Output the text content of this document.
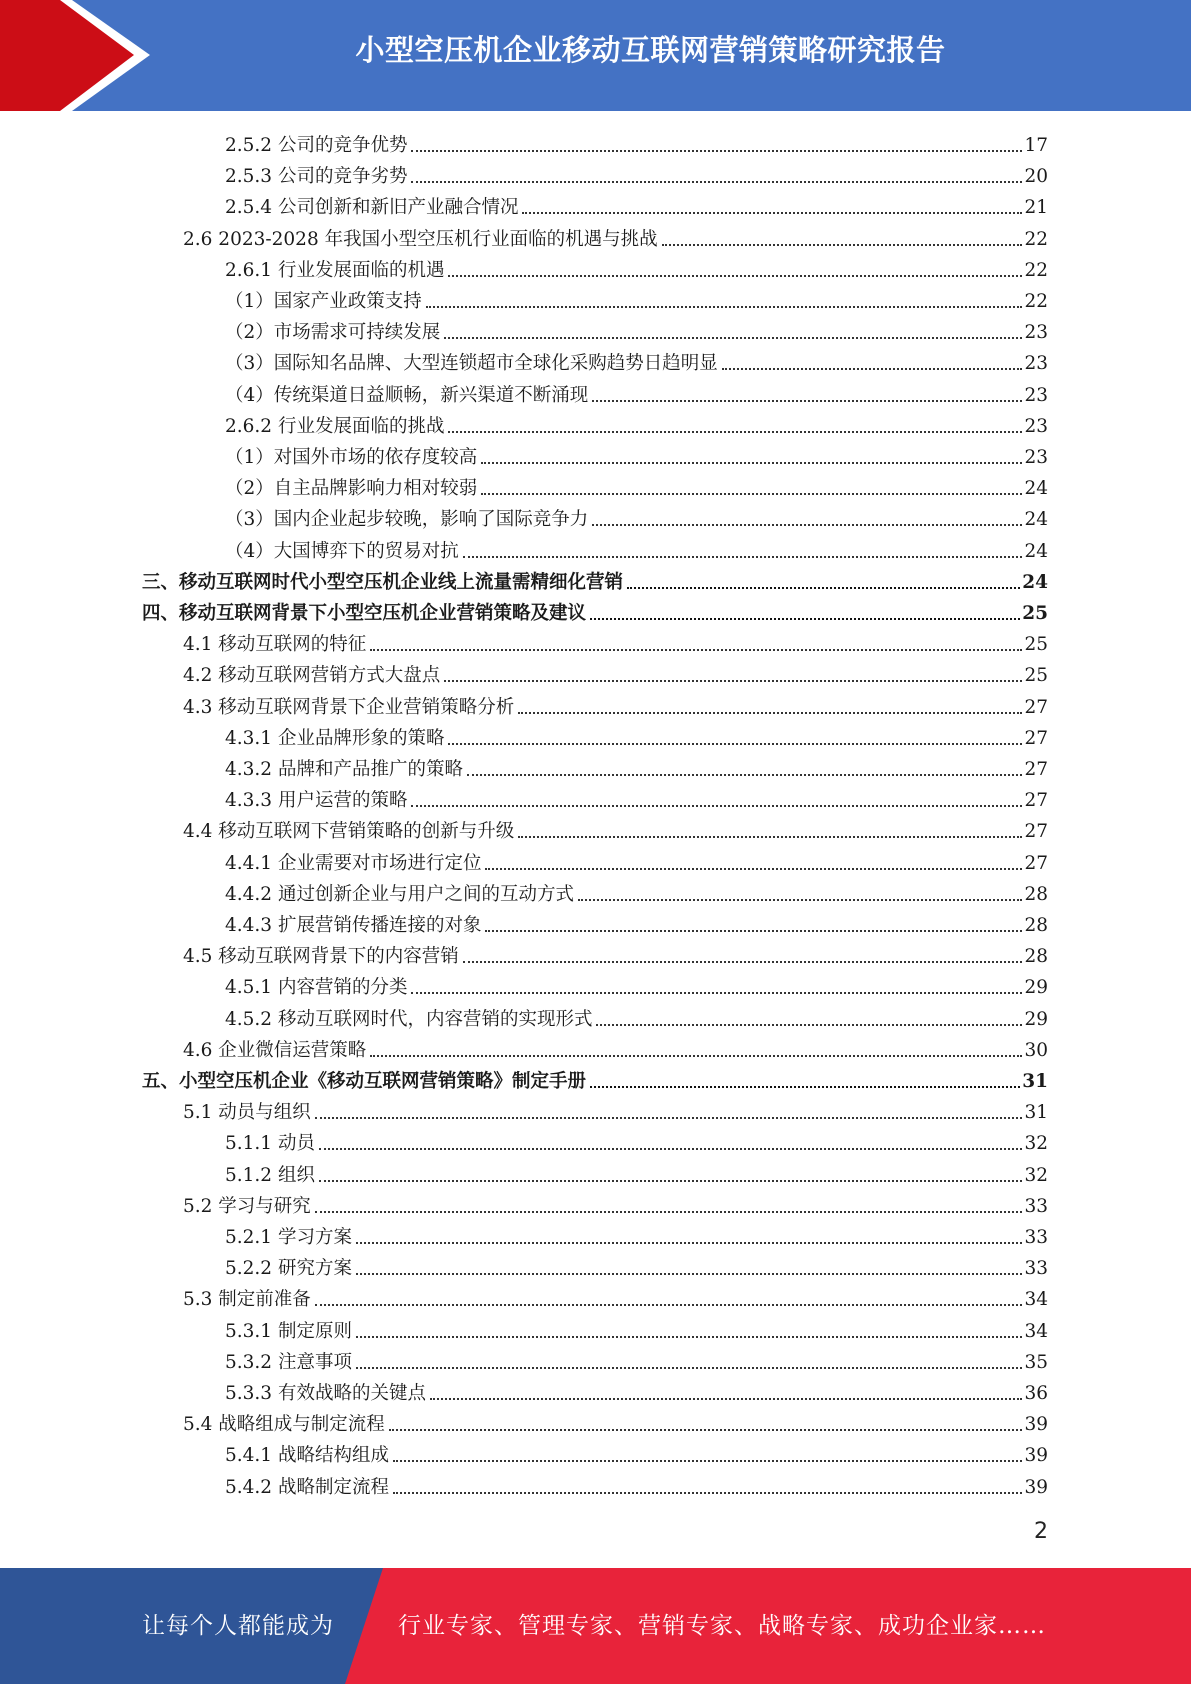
小型空压机企业移动互联网营销策略研究报告
2.5.2 公司的竞争优势	17
2.5.3 公司的竞争劣势	20
2.5.4 公司创新和新旧产业融合情况	21
2.6 2023-2028 年我国小型空压机行业面临的机遇与挑战	22
2.6.1 行业发展面临的机遇	22
（1）国家产业政策支持	22
（2）市场需求可持续发展	23
（3）国际知名品牌、大型连锁超市全球化采购趋势日趋明显	23
（4）传统渠道日益顺畅，新兴渠道不断涌现	23
2.6.2 行业发展面临的挑战	23
（1）对国外市场的依存度较高	23
（2）自主品牌影响力相对较弱	24
（3）国内企业起步较晚，影响了国际竞争力	24
（4）大国博弈下的贸易对抗	24
三、移动互联网时代小型空压机企业线上流量需精细化营销	24
四、移动互联网背景下小型空压机企业营销策略及建议	25
4.1 移动互联网的特征	25
4.2 移动互联网营销方式大盘点	25
4.3 移动互联网背景下企业营销策略分析	27
4.3.1 企业品牌形象的策略	27
4.3.2 品牌和产品推广的策略	27
4.3.3 用户运营的策略	27
4.4 移动互联网下营销策略的创新与升级	27
4.4.1 企业需要对市场进行定位	27
4.4.2 通过创新企业与用户之间的互动方式	28
4.4.3 扩展营销传播连接的对象	28
4.5 移动互联网背景下的内容营销	28
4.5.1 内容营销的分类	29
4.5.2 移动互联网时代，内容营销的实现形式	29
4.6 企业微信运营策略	30
五、小型空压机企业《移动互联网营销策略》制定手册	31
5.1 动员与组织	31
5.1.1 动员	32
5.1.2 组织	32
5.2 学习与研究	33
5.2.1 学习方案	33
5.2.2 研究方案	33
5.3 制定前准备	34
5.3.1 制定原则	34
5.3.2 注意事项	35
5.3.3 有效战略的关键点	36
5.4 战略组成与制定流程	39
5.4.1 战略结构组成	39
5.4.2 战略制定流程	39
2
让每个人都能成为	行业专家、管理专家、营销专家、战略专家、成功企业家……
